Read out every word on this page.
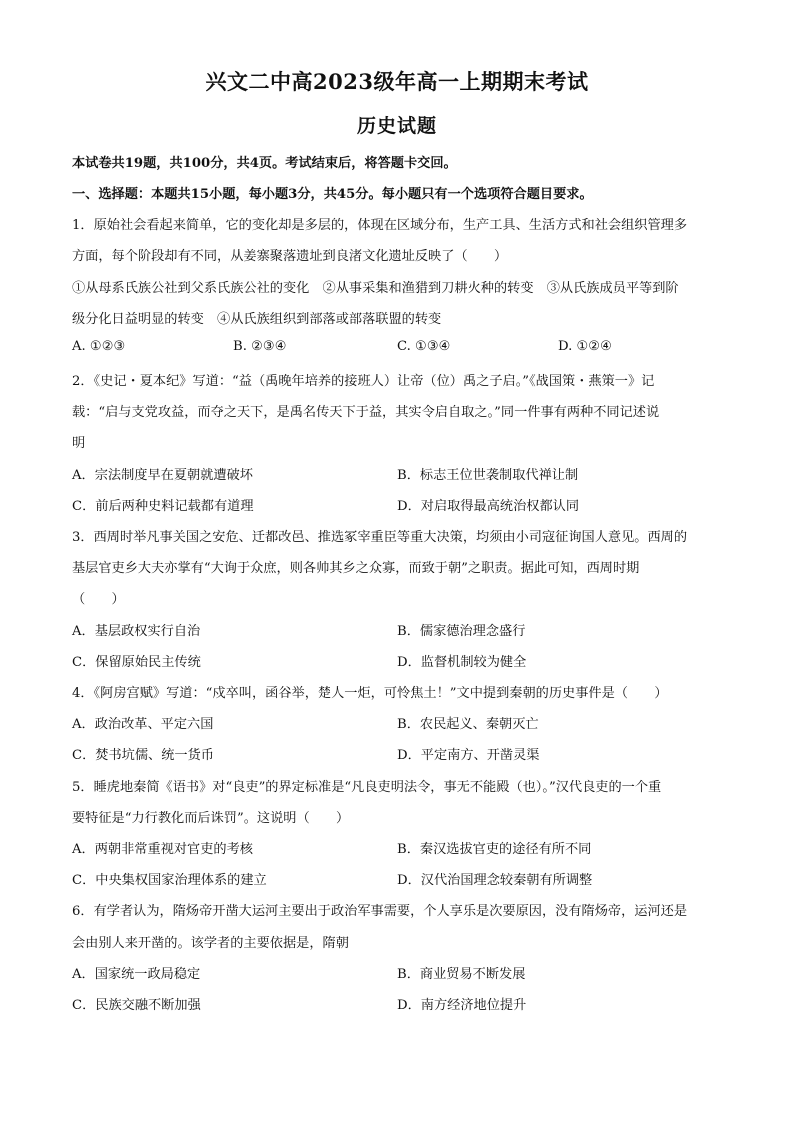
兴文二中高2023级年高一上期期末考试
历史试题
本试卷共19题，共100分，共4页。考试结束后，将答题卡交回。
一、选择题：本题共15小题，每小题3分，共45分。每小题只有一个选项符合题目要求。
1．原始社会看起来简单，它的变化却是多层的，体现在区域分布，生产工具、生活方式和社会组织管理多
方面，每个阶段却有不同，从姜寨聚落遗址到良渚文化遗址反映了（　　）
①从母系氏族公社到父系氏族公社的变化　②从事采集和渔猎到刀耕火种的转变　③从氏族成员平等到阶
级分化日益明显的转变　④从氏族组织到部落或部落联盟的转变
A. ①②③	B. ②③④	C. ①③④	D. ①②④
2．《史记・夏本纪》写道：“益（禹晚年培养的接班人）让帝（位）禹之子启。”《战国策・燕策一》记
载：“启与支党攻益，而夺之天下，是禹名传天下于益，其实令启自取之。”同一件事有两种不同记述说
明
A．宗法制度早在夏朝就遭破坏	B．标志王位世袭制取代禅让制
C．前后两种史料记载都有道理	D．对启取得最高统治权都认同
3．西周时举凡事关国之安危、迁都改邑、推选冢宰重臣等重大决策，均须由小司寇征询国人意见。西周的
基层官吏乡大夫亦掌有“大询于众庶，则各帅其乡之众寡，而致于朝”之职责。据此可知，西周时期
（　　）
A．基层政权实行自治	B．儒家德治理念盛行
C．保留原始民主传统	D．监督机制较为健全
4．《阿房宫赋》写道：“戍卒叫，函谷举，楚人一炬，可怜焦土！”文中提到秦朝的历史事件是（　　）
A．政治改革、平定六国	B．农民起义、秦朝灭亡
C．焚书坑儒、统一货币	D．平定南方、开凿灵渠
5．睡虎地秦简《语书》对“良吏”的界定标准是“凡良吏明法令，事无不能殿（也）。”汉代良吏的一个重
要特征是“力行教化而后诛罚”。这说明（　　）
A．两朝非常重视对官吏的考核	B．秦汉选拔官吏的途径有所不同
C．中央集权国家治理体系的建立	D．汉代治国理念较秦朝有所调整
6．有学者认为，隋炀帝开凿大运河主要出于政治军事需要，个人享乐是次要原因，没有隋炀帝，运河还是
会由别人来开凿的。该学者的主要依据是，隋朝
A．国家统一政局稳定	B．商业贸易不断发展
C．民族交融不断加强	D．南方经济地位提升
